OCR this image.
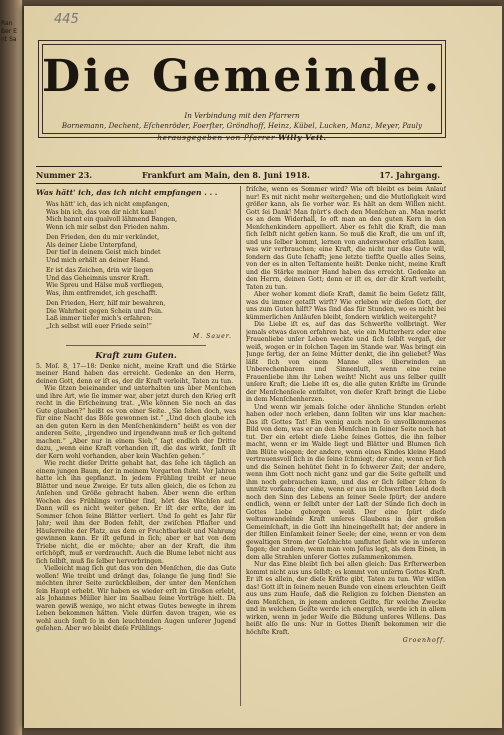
Ran Ber Ent Sa
445
Die Gemeinde.
In Verbindung mit den Pfarrern
Bornemann, Dechent, Eſchenröder, Foerſter, Gröndhoff, Heinz, Kübel, Lucken, Manz, Meyer, Pauly
herausgegeben von Pfarrer Willy Veit.
Nummer 23.	Frankfurt am Main, den 8. Juni 1918.	17. Jahrgang.
Was hätt' ich, das ich nicht empfangen . . .

Was hätt' ich, das ich nicht empfangen,
Was bin ich, das von dir nicht kam!
Mich bannt ein qualvoll lähmend Bangen,
Wenn ich mir selbst den Frieden nahm.

Den Frieden, den du mir verkündet,
Als deiner Liebe Unterpfand,
Der tief in deinem Geist mich bindet
Und mich erhält an deiner Hand.

Er ist das Zeichen, drin wir liegen
Und das Geheimnis unsrer Kraft.
Wie Spreu und Hälse muß verfliegen,
Was, ihm entfremdet, ich geschafft.

Den Frieden, Herr, hilf mir bewahren,
Die Wahrheit gegen Schein und Pein.
Laß immer tiefer mich's erfahren:
„Ich selbst will euer Friede sein!“

M. Sauer.
Kraft zum Guten.

5. Moſ. 8, 17—18: Denke nicht, meine Kraft und die Stärke meiner Hand haben das erreicht. Gedenke an den Herrn, deinen Gott, denn er iſt es, der dir Kraft verleiht, Taten zu tun.

Wie ſitzen beieinander und unterhalten uns über Menſchen und ihre Art, wie ſie immer war, aber jetzt durch den Krieg erſt recht in die Erſcheinung trat. „Wie können Sie noch an das Gute glauben?“ heißt es von einer Seite. „Sie ſehen doch, was für eine Nacht das Böſe gewonnen ist.“ „Und doch glaube ich an den guten Kern in den Menſchenkindern“ heißt es von der anderen Seite, „irgendwo und irgendwann muß er ſich geltend machen.“ „Aber nur in einem Sieb,“ ſagt endlich der Dritte dazu, „wenn eine Kraft vorhanden iſt, die das wirkt, ſonſt iſt der Kern wohl vorhanden, aber kein Wachſen gehen.“

Wie recht dieſer Dritte gehabt hat, das ſehe ich täglich an einem jungen Baum, der in meinem Vorgarten ſteht. Vor Jahren hatte ich ihn gepflanzt. In jedem Frühling treibt er neue Blätter und neue Zweige. Er tuts allen gleich, die es ſchon zu Anſehen und Größe gebracht haben. Aber wenn die erſten Wochen des Frühlings vorüber ſind, hört das Wachſen auf. Dann will es nicht weiter gehen. Er iſt der erſte, der im Sommer ſchon ſeine Blätter verliert. Und ſo geht es Jahr für Jahr; weil ihm der Boden fehlt, der zwiſchen Pflaſter und Häuſerreihe der Platz, aus dem er Fruchtbarkeit und Nahrung gewinnen kann. Er iſt gefund in ſich; aber er hat von dem Triebe nicht, die er möchte; aber an der Kraft, die ihm erſchöpft, muß er verdrauchſt. Auch die Blume lebet nicht aus ſich ſelbſt, muß ſie ſelber hervorbringen.

Vielleicht mag ſich gut das von den Menſchen, die das Gute wollen! Wie treibt und drängt das, ſolange ſie jung ſind! Sie möchten ihrer Seite zurückbleiben, der unter den Menſchen ſein Haupt erhebt. Wir haben es wieder erſt im Großen erlebt, als Johannes Müller hier im Saalbau ſeine Vorträge hielt. Da waren gewiß wenige, wo nicht etwas Gutes bewegte in ihrem Leben bekommen hätten. Viele dürfen davon tragen, wie es wohl auch ſonſt ſo in den leuchtenden Augen unſerer Jugend geſehen. Aber wo bleibt dieſe Frühlings-

friſche, wenn es Sommer wird? Wie oft bleibt es beim Anlauf nur! Es mit nicht mehr weitergehen; und die Mutloſigkeit wird größer kann, als ſie vorher war. Es hält an dem Willen nicht. Gott ſei Dank! Man ſpürt's doch den Menſchen an. Man merkt es an dem Widerhall, ſo oft man an den guten Kern in den Menſchenkindern appelliert. Aber es fehlt die Kraft, die man ſich ſelbſt nicht geben kann. So muß die Kraft, die um unſ iſt, und uns ſelber kommt, lernen von anderswoher erlaſſen kann, was wir verbrauchen; eine Kraft, die nicht nur das Gute will, ſondern das Gute ſchafft; jene letzte tiefſte Quelle alles Seins, von der es in alten Teſtamente heißt: Denke nicht, meine Kraft und die Stärke meiner Hand haben das erreicht. Gedenke an den Herrn, deinen Gott; denn er iſt es, der dir Kraft verleiht, Taten zu tun.

Aber woher kommt dieſe Kraft, damit ſie beim Geſetz fällt, was du immer getaſſt wirſt? Wie erleben wir dieſen Gott, der uns zum Guten hilft? Was ſind das für Stunden, wo es nicht bei kümmerlichen Anläufen bleibt, ſondern wirklich weitergeht?

Die Liebe iſt es, auf das das Schwerſte vollbringt. Wer jemals etwas davon erfahren hat, wie ein Mutterherz oder eine Frauenliebe unſer Leben weckte und ſich ſelbſt vergaß, der weiß, wogen er in ſolchen Tagen im Stande war. Was bringt ein Junge fertig, der an ſeine Mutter denkt, die ihn geliebet? Was läßt ſich von einem Manne alles überwinden an Unberechenbarem und Sinnenluſt, wenn eine reine Frauenliebe ihm ihr Leben weiht! Nicht aus uns ſelber quillt unſere Kraft; die Liebe iſt es, die alle guten Kräfte im Grunde der Menſchenſeele entfaltet, von dieſer Kraft bringt die Liebe in dem Menſchenherzen.

Und wenn wir jemals ſolche oder ähnliche Stunden erlebt haben oder noch erleben, dann ſollten wir uns klar machen: Das iſt Gottes Tat! Ein wenig auch noch ſo unvollkommenes Bild von dem, was er an den Menſchen in ſeiner Seite noch hat tut. Der ein erlebt dieſe Liebe ſeines Gottes, die ihn ſelber macht, wenn er im Walde liegt und Blätter und Blumen ſich ihm Blüte wiegen; der andere, wenn eines Kindes kleine Hand vertrauensvoll ſich in die ſeine ſchmiegt; der eine, wenn er ſich und die Seinen behütet ſieht in ſo ſchwerer Zeit; der andere, wenn ihm Gott noch nicht ganz und gar die Seite geſtellt und ihm noch gebrauchen kann, und das er ſich ſelber ſchon ſo unnütz vorkam; der eine, wenn er aus im ſchwerſten Leid doch noch den Sinn des Lebens an ſeiner Seele ſpürt; der andere endlich, wenn er ſelbſt unter der Laſt der Sünde ſich doch in Gottes Liebe geborgen weiß. Der eine ſpürt dieſe weltumwandelnde Kraft unſeres Glaubens in der großen Gemeinſchaft, in die Gott ihn hineingeſtellt hat; der andere in der ſtillen Einſamkeit ſeiner Seele; der eine, wenn er von dem gewaltigen Strom der Geſchichte umflutet ſieht wie in unſeren Tagen; der andere, wenn man vom Jeſus legt, als dem Einen, in dem alle Strahlen unſerer Gottes zuſammenkommen.

Nur das Eine bleibt ſich bei allen gleich: Das Erſterwerben kommt nicht aus uns ſelbſt; es kommt von unſerm Gottes Kraft. Er iſt es allein, der dieſe Kräfte gibt, Taten zu tun. Wir wiſſen das! Gott iſt in ſeinem neuen Bunde von einem erleuchten Geiſt aus uns zum Hauſe, daß die Religion zu ſolchen Diensten an dem Menſchen, in jenem anderen Geiſte, für welche Zwecke und in welchem Geiſte werde ich energiſch, werde ich in allem wirken, wenn in jeder Weiſe die Bildung unſeres Willens. Das heißt alſo ſie uns: Nur in Gottes Dienſt bekommen wir die höchſte Kraft.

Groenhoff.
